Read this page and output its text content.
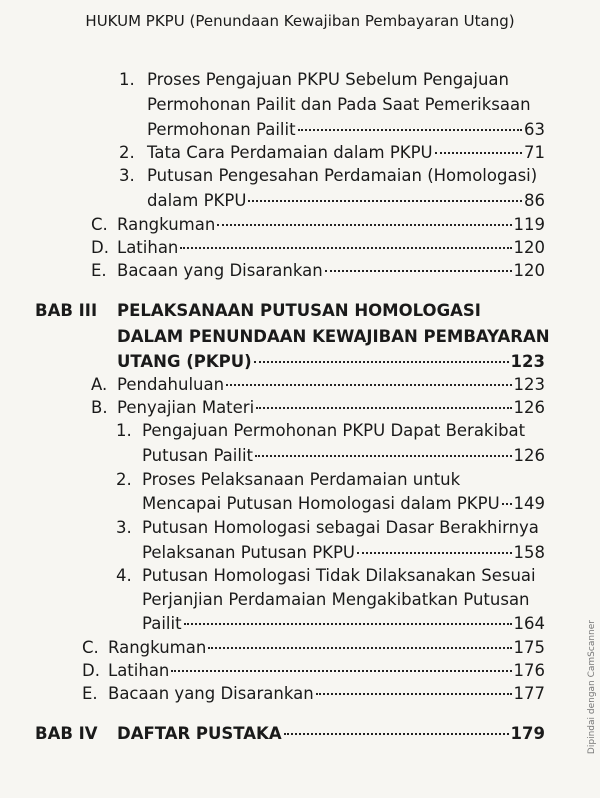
HUKUM PKPU (Penundaan Kewajiban Pembayaran Utang)
1. Proses Pengajuan PKPU Sebelum Pengajuan
Permohonan Pailit dan Pada Saat Pemeriksaan
Permohonan Pailit	63
2. Tata Cara Perdamaian dalam PKPU	71
3. Putusan Pengesahan Perdamaian (Homologasi)
dalam PKPU	86
C. Rangkuman	119
D. Latihan	120
E. Bacaan yang Disarankan	120
BAB III PELAKSANAAN PUTUSAN HOMOLOGASI
DALAM PENUNDAAN KEWAJIBAN PEMBAYARAN
UTANG (PKPU)	123
A. Pendahuluan	123
B. Penyajian Materi	126
1. Pengajuan Permohonan PKPU Dapat Berakibat
Putusan Pailit	126
2. Proses Pelaksanaan Perdamaian untuk
Mencapai Putusan Homologasi dalam PKPU 149
3. Putusan Homologasi sebagai Dasar Berakhirnya
Pelaksanan Putusan PKPU	158
4. Putusan Homologasi Tidak Dilaksanakan Sesuai
Perjanjian Perdamaian Mengakibatkan Putusan
Pailit	164
C. Rangkuman	175
D. Latihan	176
E. Bacaan yang Disarankan	177
BAB IV DAFTAR PUSTAKA	179	Dipindai dengan CamScanner
